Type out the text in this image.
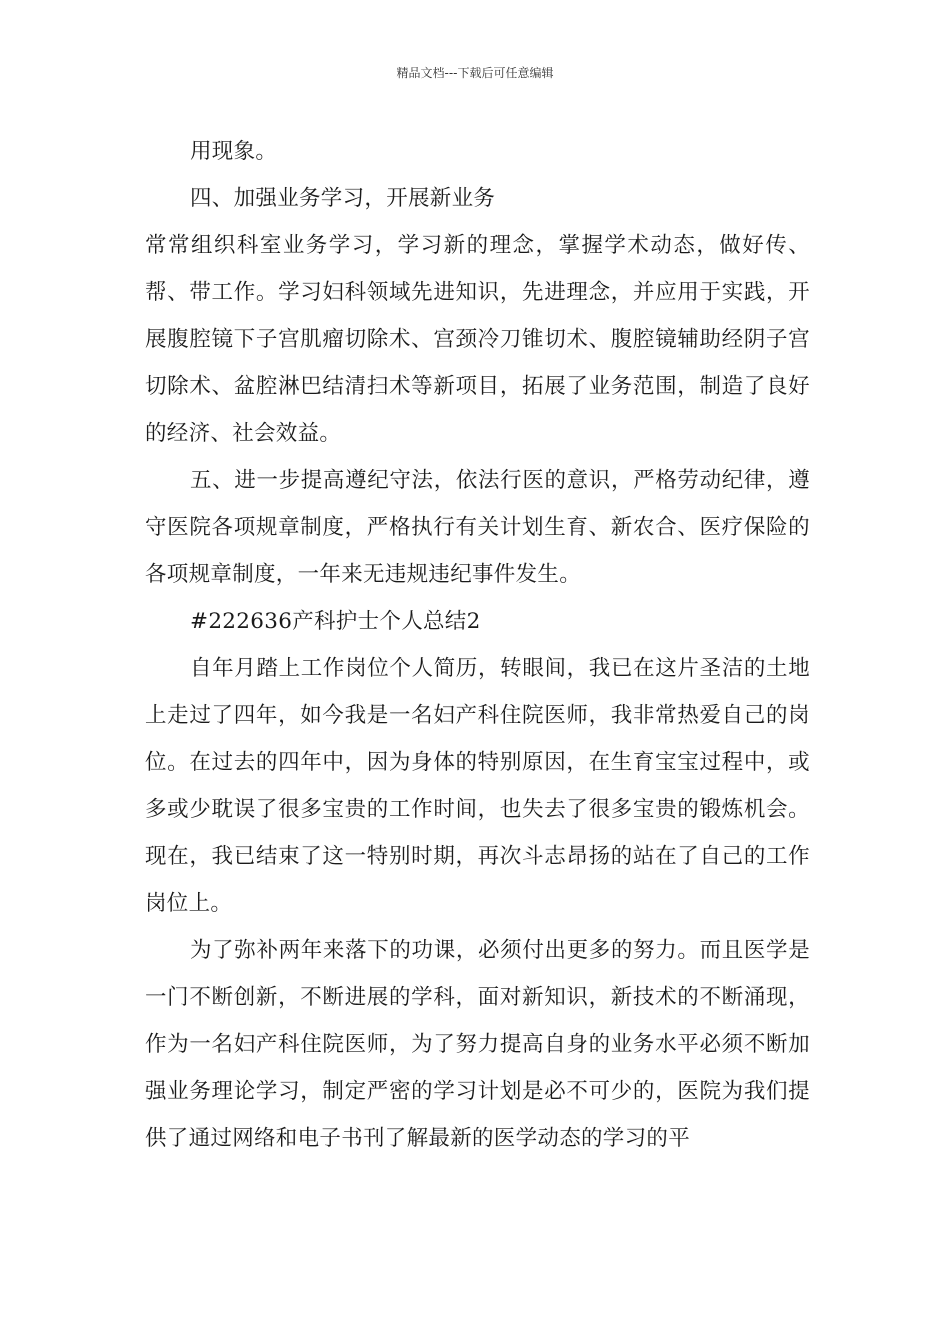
精品文档---下载后可任意编辑

用现象。

四、加强业务学习，开展新业务

常常组织科室业务学习，学习新的理念，掌握学术动态，做好传、帮、带工作。学习妇科领域先进知识，先进理念，并应用于实践，开展腹腔镜下子宫肌瘤切除术、宫颈冷刀锥切术、腹腔镜辅助经阴子宫切除术、盆腔淋巴结清扫术等新项目，拓展了业务范围，制造了良好的经济、社会效益。

五、进一步提高遵纪守法，依法行医的意识，严格劳动纪律，遵守医院各项规章制度，严格执行有关计划生育、新农合、医疗保险的各项规章制度，一年来无违规违纪事件发生。

#222636产科护士个人总结2

自年月踏上工作岗位个人简历，转眼间，我已在这片圣洁的土地上走过了四年，如今我是一名妇产科住院医师，我非常热爱自己的岗位。在过去的四年中，因为身体的特别原因，在生育宝宝过程中，或多或少耽误了很多宝贵的工作时间，也失去了很多宝贵的锻炼机会。现在，我已结束了这一特别时期，再次斗志昂扬的站在了自己的工作岗位上。

为了弥补两年来落下的功课，必须付出更多的努力。而且医学是一门不断创新，不断进展的学科，面对新知识，新技术的不断涌现，作为一名妇产科住院医师，为了努力提高自身的业务水平必须不断加强业务理论学习，制定严密的学习计划是必不可少的，医院为我们提供了通过网络和电子书刊了解最新的医学动态的学习的平
